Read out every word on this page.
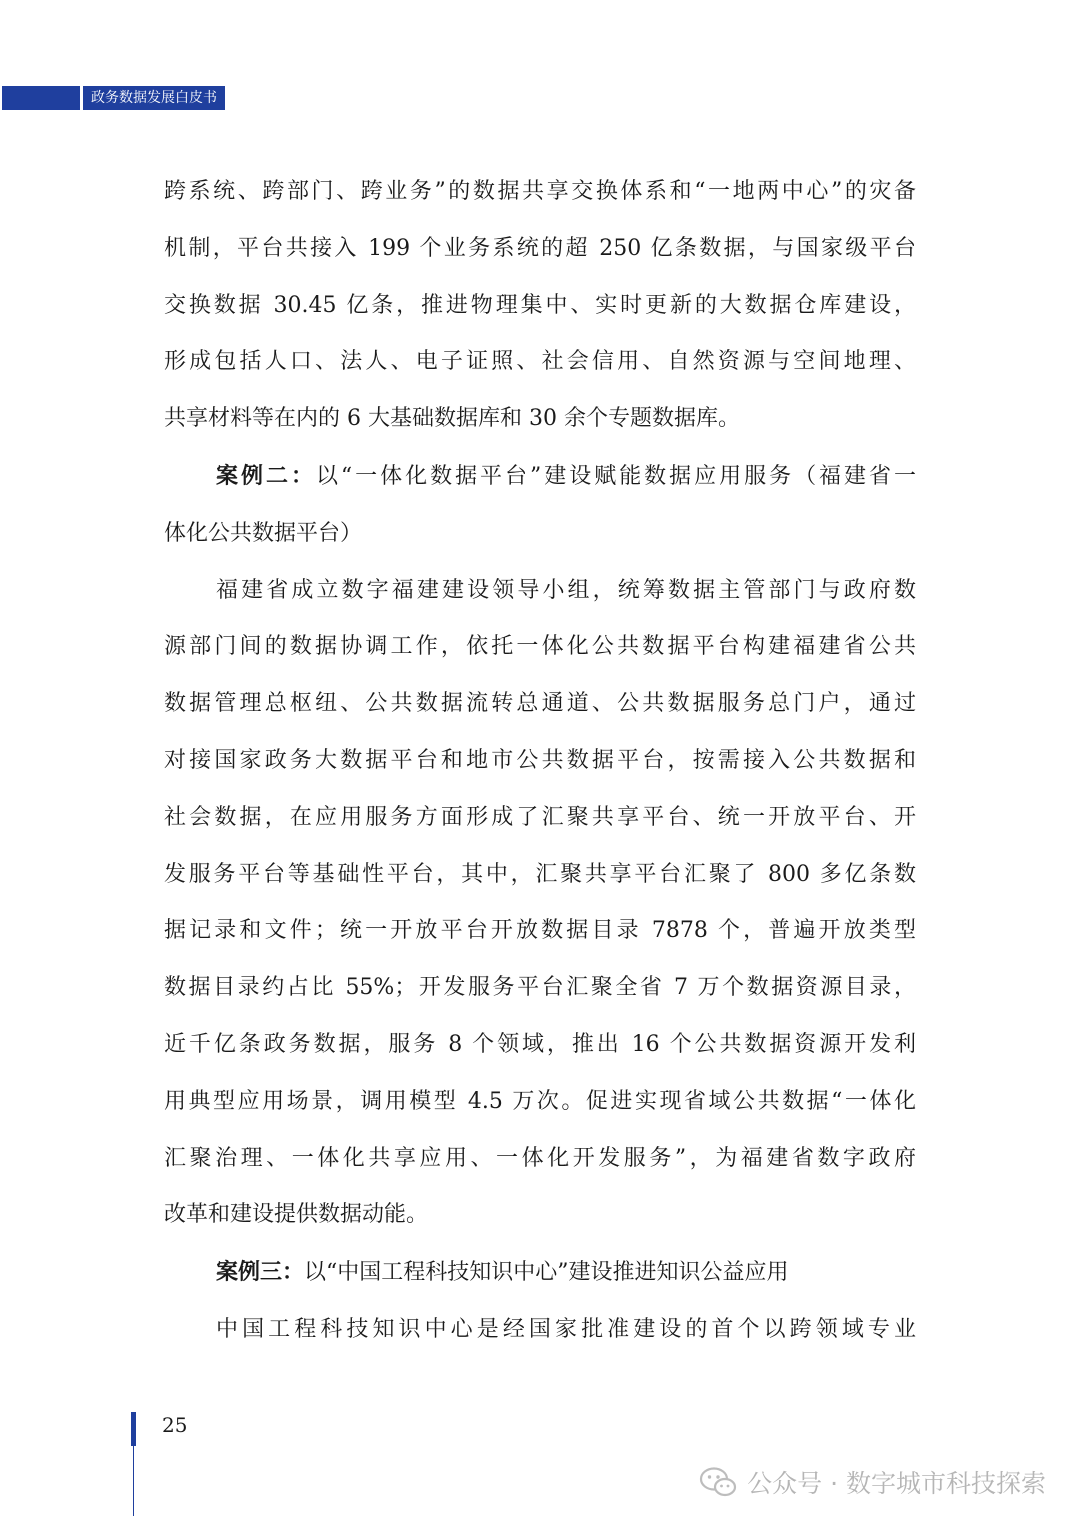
政务数据发展白皮书
跨系统、跨部门、跨业务”的数据共享交换体系和“一地两中心”的灾备
机制，平台共接入 199 个业务系统的超 250 亿条数据，与国家级平台
交换数据 30.45 亿条，推进物理集中、实时更新的大数据仓库建设，
形成包括人口、法人、电子证照、社会信用、自然资源与空间地理、
共享材料等在内的 6 大基础数据库和 30 余个专题数据库。
案例二：以“一体化数据平台”建设赋能数据应用服务（福建省一
体化公共数据平台）
福建省成立数字福建建设领导小组，统筹数据主管部门与政府数
源部门间的数据协调工作，依托一体化公共数据平台构建福建省公共
数据管理总枢纽、公共数据流转总通道、公共数据服务总门户，通过
对接国家政务大数据平台和地市公共数据平台，按需接入公共数据和
社会数据，在应用服务方面形成了汇聚共享平台、统一开放平台、开
发服务平台等基础性平台，其中，汇聚共享平台汇聚了 800 多亿条数
据记录和文件；统一开放平台开放数据目录 7878 个，普遍开放类型
数据目录约占比 55%；开发服务平台汇聚全省 7 万个数据资源目录，
近千亿条政务数据，服务 8 个领域，推出 16 个公共数据资源开发利
用典型应用场景，调用模型 4.5 万次。促进实现省域公共数据“一体化
汇聚治理、一体化共享应用、一体化开发服务”，为福建省数字政府
改革和建设提供数据动能。
案例三：以“中国工程科技知识中心”建设推进知识公益应用
中国工程科技知识中心是经国家批准建设的首个以跨领域专业
25
公众号 · 数字城市科技探索
